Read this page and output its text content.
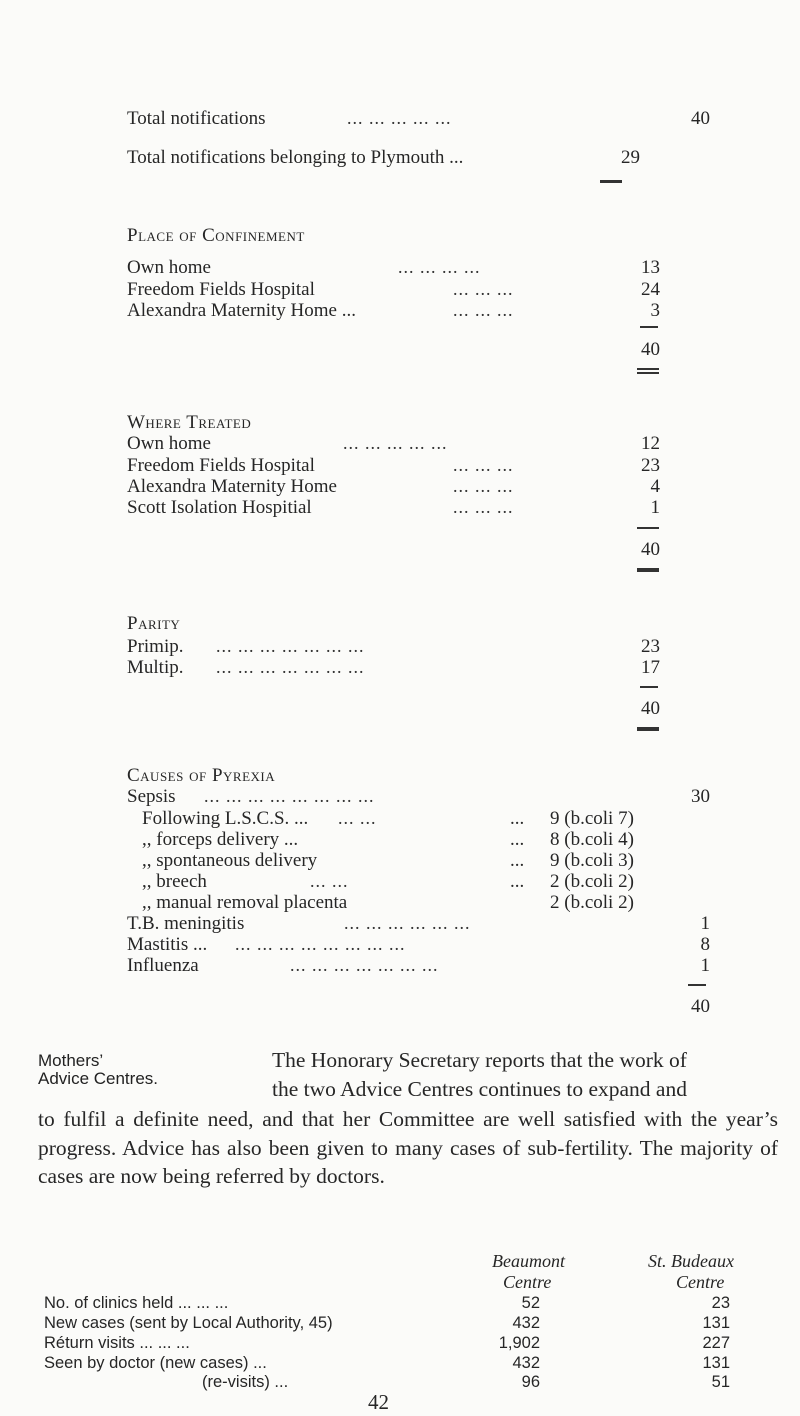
Total notifications	... ... ... ... ...	40
Total notifications belonging to Plymouth ...	29
Place of Confinement
Own home	... ... ... ...	13
Freedom Fields Hospital	... ... ...	24
Alexandra Maternity Home ...	... ... ...	3
40
Where Treated
Own home	... ... ... ... ...	12
Freedom Fields Hospital	... ... ...	23
Alexandra Maternity Home	... ... ...	4
Scott Isolation Hospitial	... ... ...	1
40
Parity
Primip. ... ... ... ... ... ... ...	23
Multip. ... ... ... ... ... ... ...	17
40
Causes of Pyrexia
Sepsis ... ... ... ... ... ... ... ...	30
Following L.S.C.S. ... ... ...	... 9 (b.coli 7)
,, forceps delivery ...	... 8 (b.coli 4)
,, spontaneous delivery	... 9 (b.coli 3)
,, breech	... ...	... 2 (b.coli 2)
,, manual removal placenta	2 (b.coli 2)
T.B. meningitis	... ... ... ... ... ...	1
Mastitis ... ... ... ... ... ... ... ... ...	8
Influenza	... ... ... ... ... ... ...	1
40
Mothers’
Advice Centres.
The Honorary Secretary reports that the work of
the two Advice Centres continues to expand and
to fulfil a definite need, and that her Committee are well satisfied with the year’s progress. Advice has also been given to many cases of sub-fertility. The majority of cases are now being referred by doctors.
Beaumont
Centre
St. Budeaux
Centre
No. of clinics held ... ... ...	52	23
New cases (sent by Local Authority, 45)	432	131
Réturn visits ... ... ...	1,902	227
Seen by doctor (new cases) ...	432	131
(re-visits) ...	96	51
42
